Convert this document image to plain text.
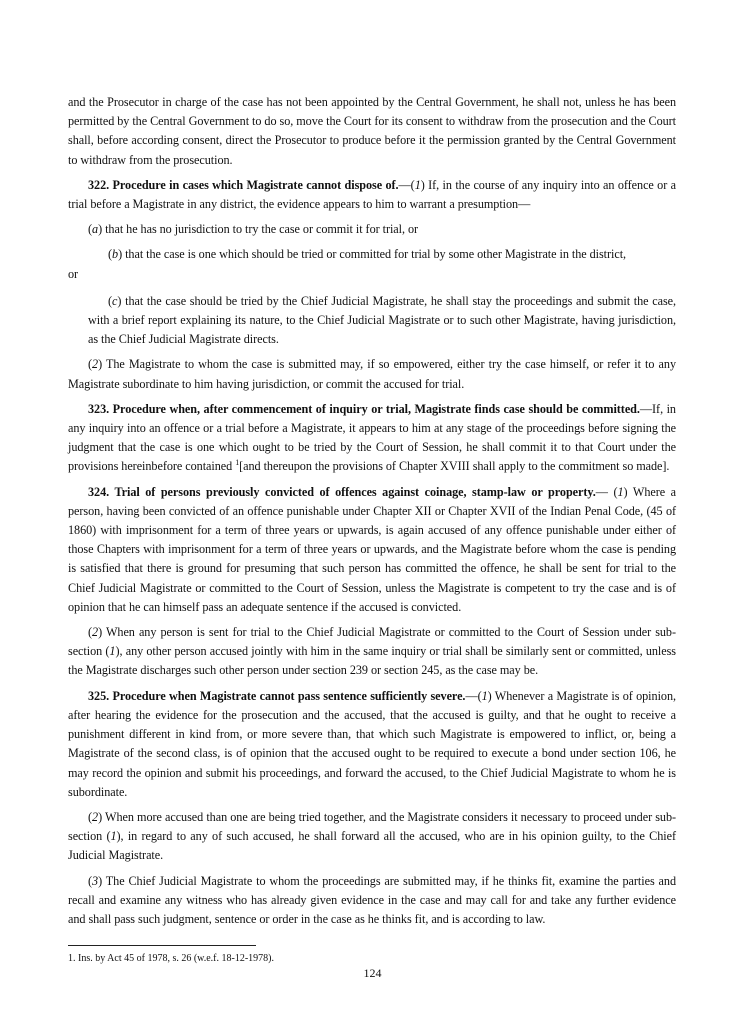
and the Prosecutor in charge of the case has not been appointed by the Central Government, he shall not, unless he has been permitted by the Central Government to do so, move the Court for its consent to withdraw from the prosecution and the Court shall, before according consent, direct the Prosecutor to produce before it the permission granted by the Central Government to withdraw from the prosecution.

322. Procedure in cases which Magistrate cannot dispose of.—(1) If, in the course of any inquiry into an offence or a trial before a Magistrate in any district, the evidence appears to him to warrant a presumption—

(a) that he has no jurisdiction to try the case or commit it for trial, or

(b) that the case is one which should be tried or committed for trial by some other Magistrate in the district,
or

(c) that the case should be tried by the Chief Judicial Magistrate, he shall stay the proceedings and submit the case, with a brief report explaining its nature, to the Chief Judicial Magistrate or to such other Magistrate, having jurisdiction, as the Chief Judicial Magistrate directs.

(2) The Magistrate to whom the case is submitted may, if so empowered, either try the case himself, or refer it to any Magistrate subordinate to him having jurisdiction, or commit the accused for trial.

323. Procedure when, after commencement of inquiry or trial, Magistrate finds case should be committed.—If, in any inquiry into an offence or a trial before a Magistrate, it appears to him at any stage of the proceedings before signing the judgment that the case is one which ought to be tried by the Court of Session, he shall commit it to that Court under the provisions hereinbefore contained $^1$[and thereupon the provisions of Chapter XVIII shall apply to the commitment so made].

324. Trial of persons previously convicted of offences against coinage, stamp-law or property.— (1) Where a person, having been convicted of an offence punishable under Chapter XII or Chapter XVII of the Indian Penal Code, (45 of 1860) with imprisonment for a term of three years or upwards, is again accused of any offence punishable under either of those Chapters with imprisonment for a term of three years or upwards, and the Magistrate before whom the case is pending is satisfied that there is ground for presuming that such person has committed the offence, he shall be sent for trial to the Chief Judicial Magistrate or committed to the Court of Session, unless the Magistrate is competent to try the case and is of opinion that he can himself pass an adequate sentence if the accused is convicted.

(2) When any person is sent for trial to the Chief Judicial Magistrate or committed to the Court of Session under sub-section (1), any other person accused jointly with him in the same inquiry or trial shall be similarly sent or committed, unless the Magistrate discharges such other person under section 239 or section 245, as the case may be.

325. Procedure when Magistrate cannot pass sentence sufficiently severe.—(1) Whenever a Magistrate is of opinion, after hearing the evidence for the prosecution and the accused, that the accused is guilty, and that he ought to receive a punishment different in kind from, or more severe than, that which such Magistrate is empowered to inflict, or, being a Magistrate of the second class, is of opinion that the accused ought to be required to execute a bond under section 106, he may record the opinion and submit his proceedings, and forward the accused, to the Chief Judicial Magistrate to whom he is subordinate.

(2) When more accused than one are being tried together, and the Magistrate considers it necessary to proceed under sub-section (1), in regard to any of such accused, he shall forward all the accused, who are in his opinion guilty, to the Chief Judicial Magistrate.

(3) The Chief Judicial Magistrate to whom the proceedings are submitted may, if he thinks fit, examine the parties and recall and examine any witness who has already given evidence in the case and may call for and take any further evidence and shall pass such judgment, sentence or order in the case as he thinks fit, and is according to law.

1. Ins. by Act 45 of 1978, s. 26 (w.e.f. 18-12-1978).
124
